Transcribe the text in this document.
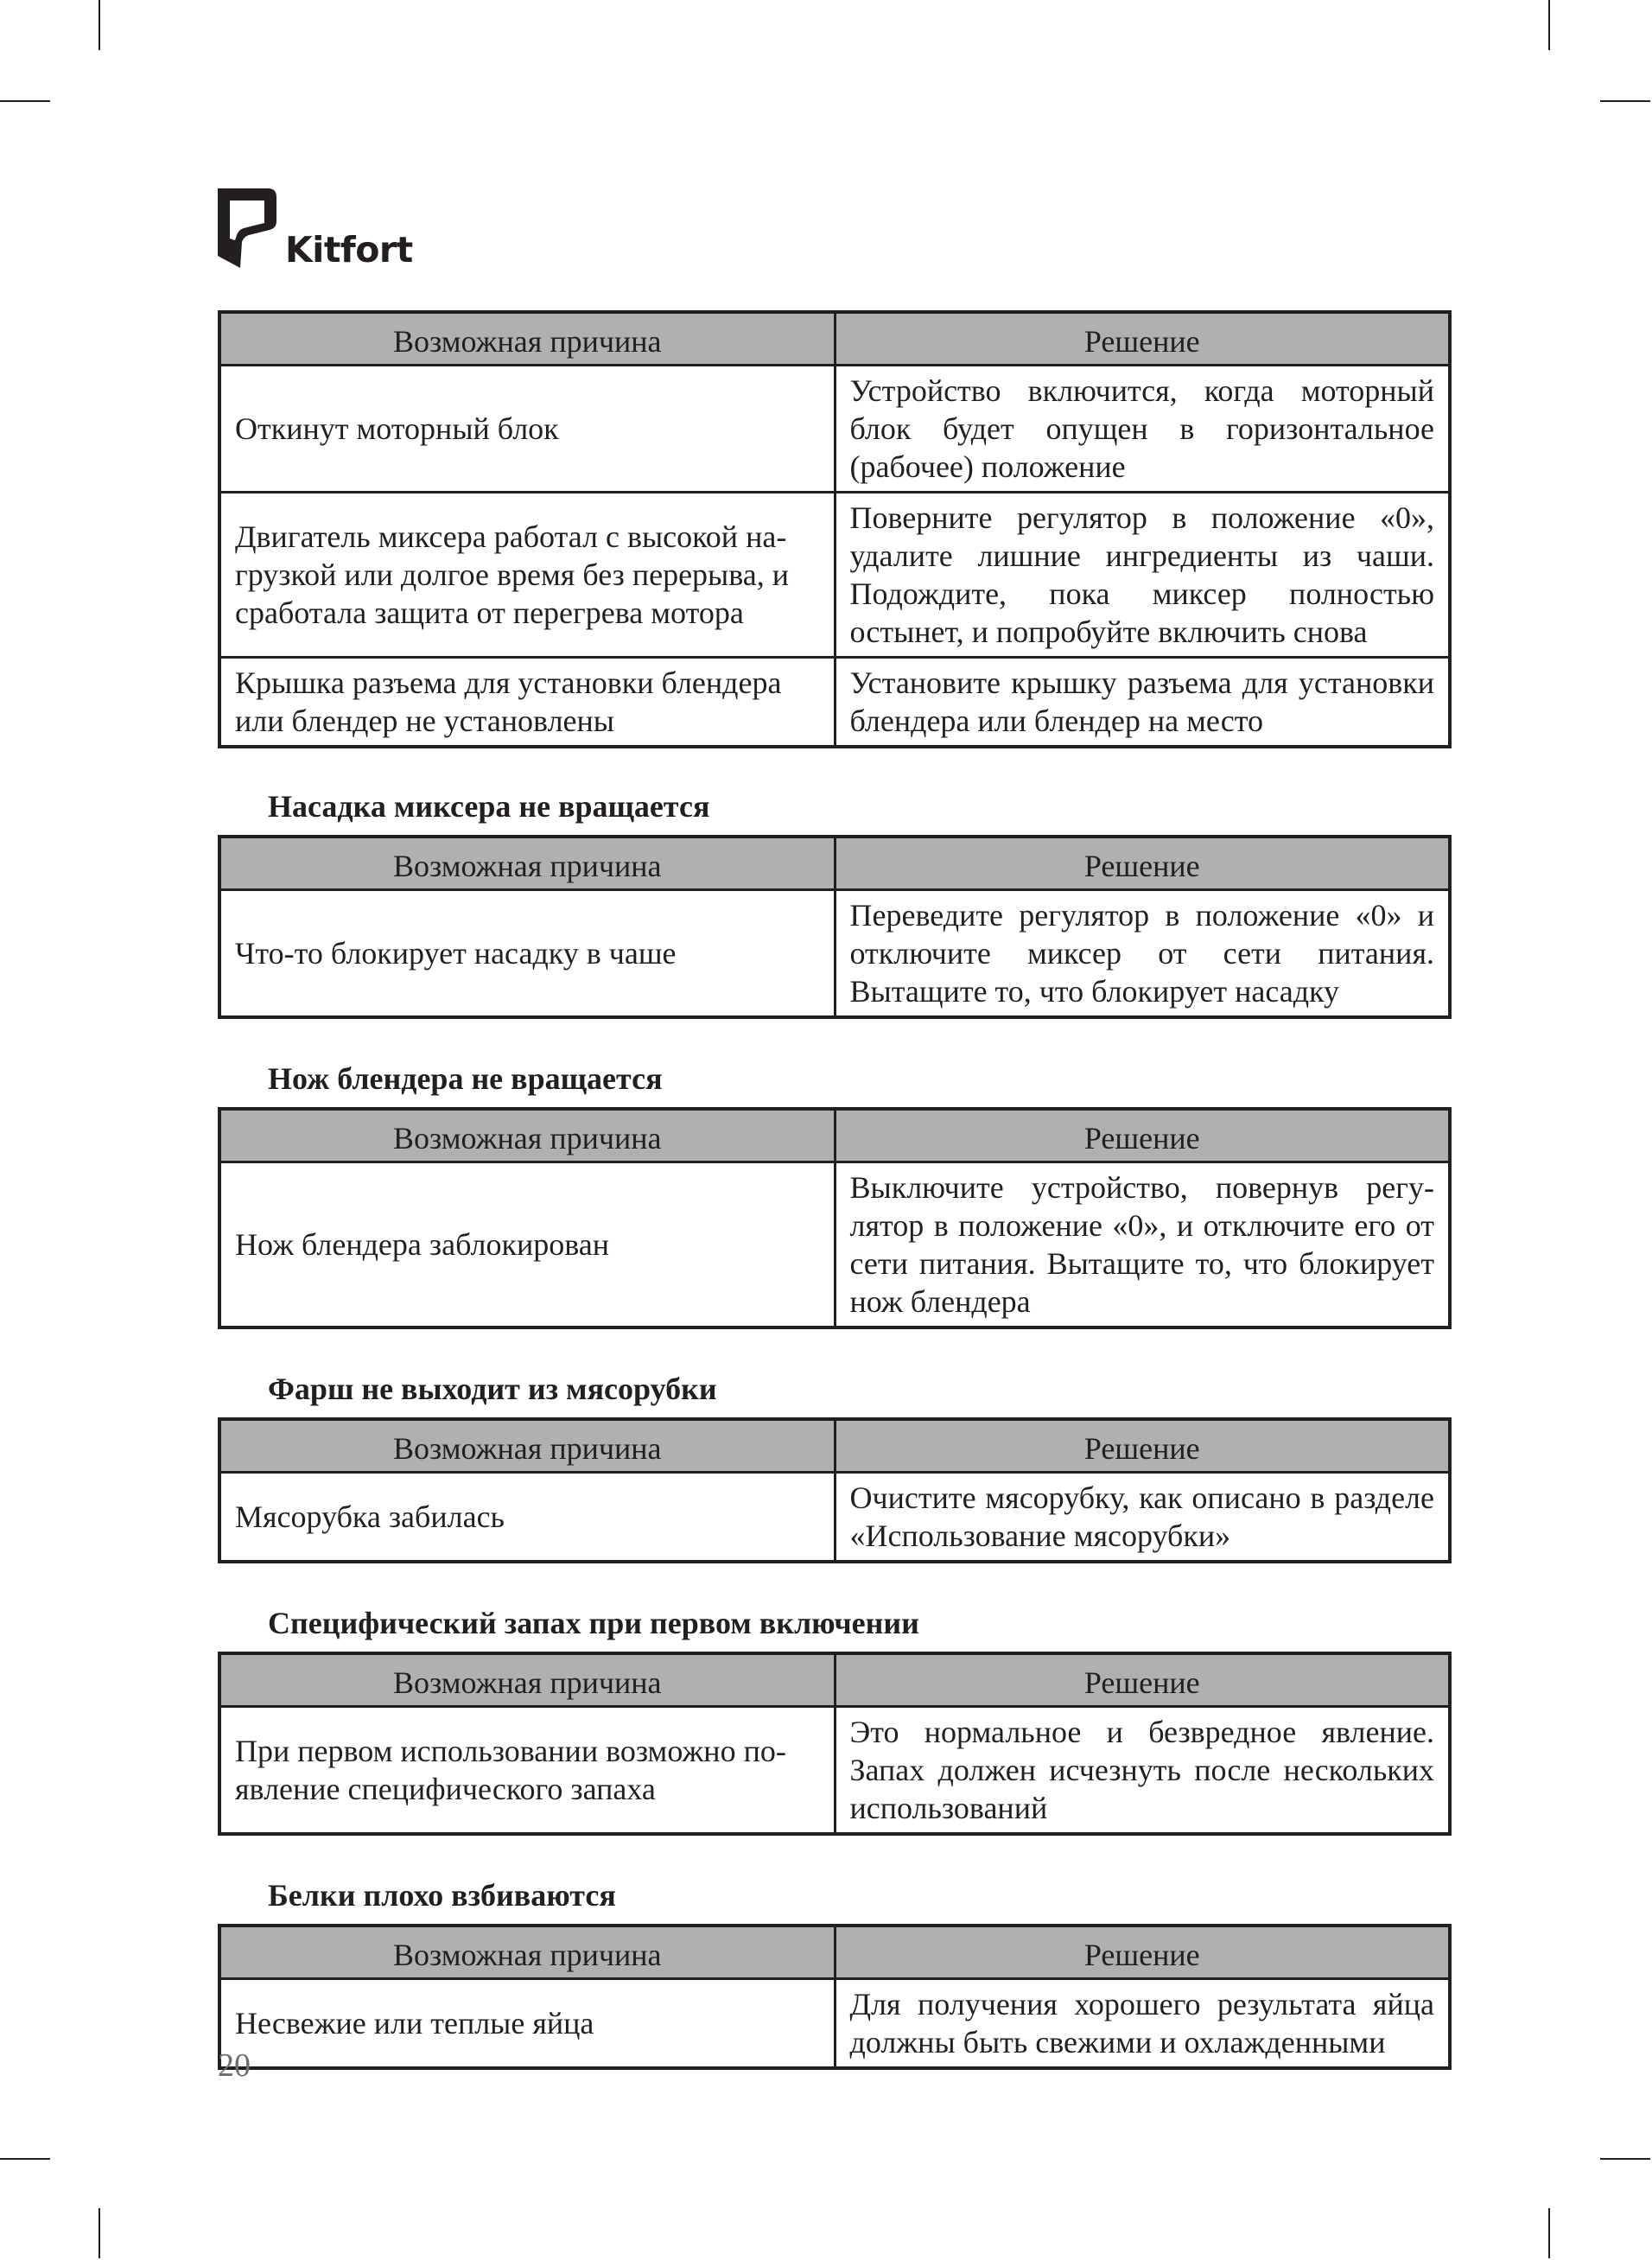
Kitfort
Возможная причина	Решение
Откинут моторный блок	Устройство включится, когда моторный блок будет опущен в горизонтальное (рабочее) положение
Двигатель миксера работал с высокой нагрузкой или долгое время без перерыва, и сработала защита от перегрева мотора	Поверните регулятор в положение «0», удалите лишние ингредиенты из чаши. Подождите, пока миксер полностью остынет, и попробуйте включить снова
Крышка разъема для установки блендера или блендер не установлены	Установите крышку разъема для установки блендера или блендер на место
Насадка миксера не вращается
Возможная причина	Решение
Что-то блокирует насадку в чаше	Переведите регулятор в положение «0» и отключите миксер от сети питания. Вытащите то, что блокирует насадку
Нож блендера не вращается
Возможная причина	Решение
Нож блендера заблокирован	Выключите устройство, повернув регулятор в положение «0», и отключите его от сети питания. Вытащите то, что блокирует нож блендера
Фарш не выходит из мясорубки
Возможная причина	Решение
Мясорубка забилась	Очистите мясорубку, как описано в разделе «Использование мясорубки»
Специфический запах при первом включении
Возможная причина	Решение
При первом использовании возможно появление специфического запаха	Это нормальное и безвредное явление. Запах должен исчезнуть после нескольких использований
Белки плохо взбиваются
Возможная причина	Решение
Несвежие или теплые яйца	Для получения хорошего результата яйца должны быть свежими и охлажденными
20
